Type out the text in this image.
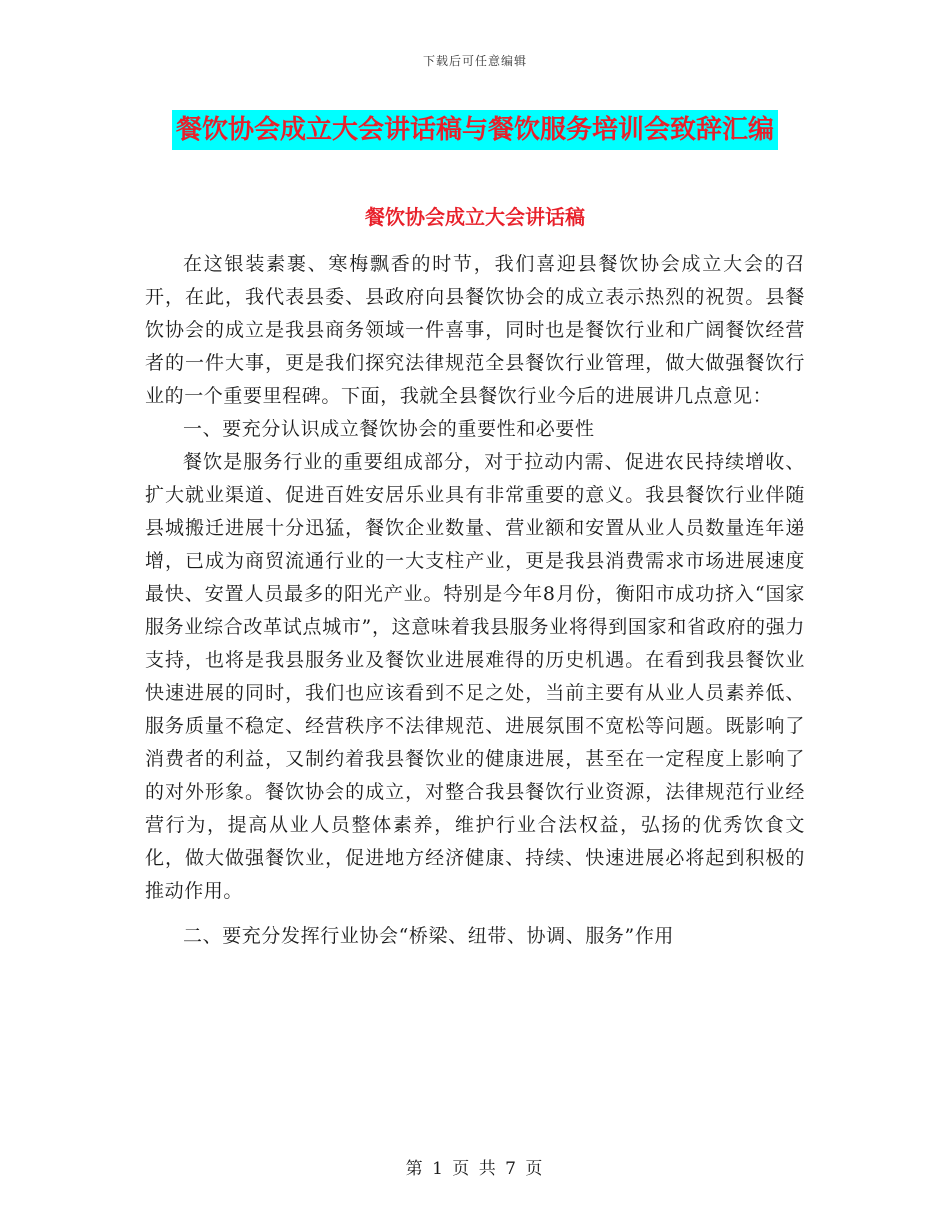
下载后可任意编辑
餐饮协会成立大会讲话稿与餐饮服务培训会致辞汇编
餐饮协会成立大会讲话稿

在这银装素裹、寒梅飘香的时节，我们喜迎县餐饮协会成立大会的召开，在此，我代表县委、县政府向县餐饮协会的成立表示热烈的祝贺。县餐饮协会的成立是我县商务领域一件喜事，同时也是餐饮行业和广阔餐饮经营者的一件大事，更是我们探究法律规范全县餐饮行业管理，做大做强餐饮行业的一个重要里程碑。下面，我就全县餐饮行业今后的进展讲几点意见：

一、要充分认识成立餐饮协会的重要性和必要性

餐饮是服务行业的重要组成部分，对于拉动内需、促进农民持续增收、扩大就业渠道、促进百姓安居乐业具有非常重要的意义。我县餐饮行业伴随县城搬迁进展十分迅猛，餐饮企业数量、营业额和安置从业人员数量连年递增，已成为商贸流通行业的一大支柱产业，更是我县消费需求市场进展速度最快、安置人员最多的阳光产业。特别是今年8月份，衡阳市成功挤入“国家服务业综合改革试点城市”，这意味着我县服务业将得到国家和省政府的强力支持，也将是我县服务业及餐饮业进展难得的历史机遇。在看到我县餐饮业快速进展的同时，我们也应该看到不足之处，当前主要有从业人员素养低、服务质量不稳定、经营秩序不法律规范、进展氛围不宽松等问题。既影响了消费者的利益，又制约着我县餐饮业的健康进展，甚至在一定程度上影响了的对外形象。餐饮协会的成立，对整合我县餐饮行业资源，法律规范行业经营行为，提高从业人员整体素养，维护行业合法权益，弘扬的优秀饮食文化，做大做强餐饮业，促进地方经济健康、持续、快速进展必将起到积极的推动作用。

二、要充分发挥行业协会“桥梁、纽带、协调、服务”作用

第 1 页 共 7 页
